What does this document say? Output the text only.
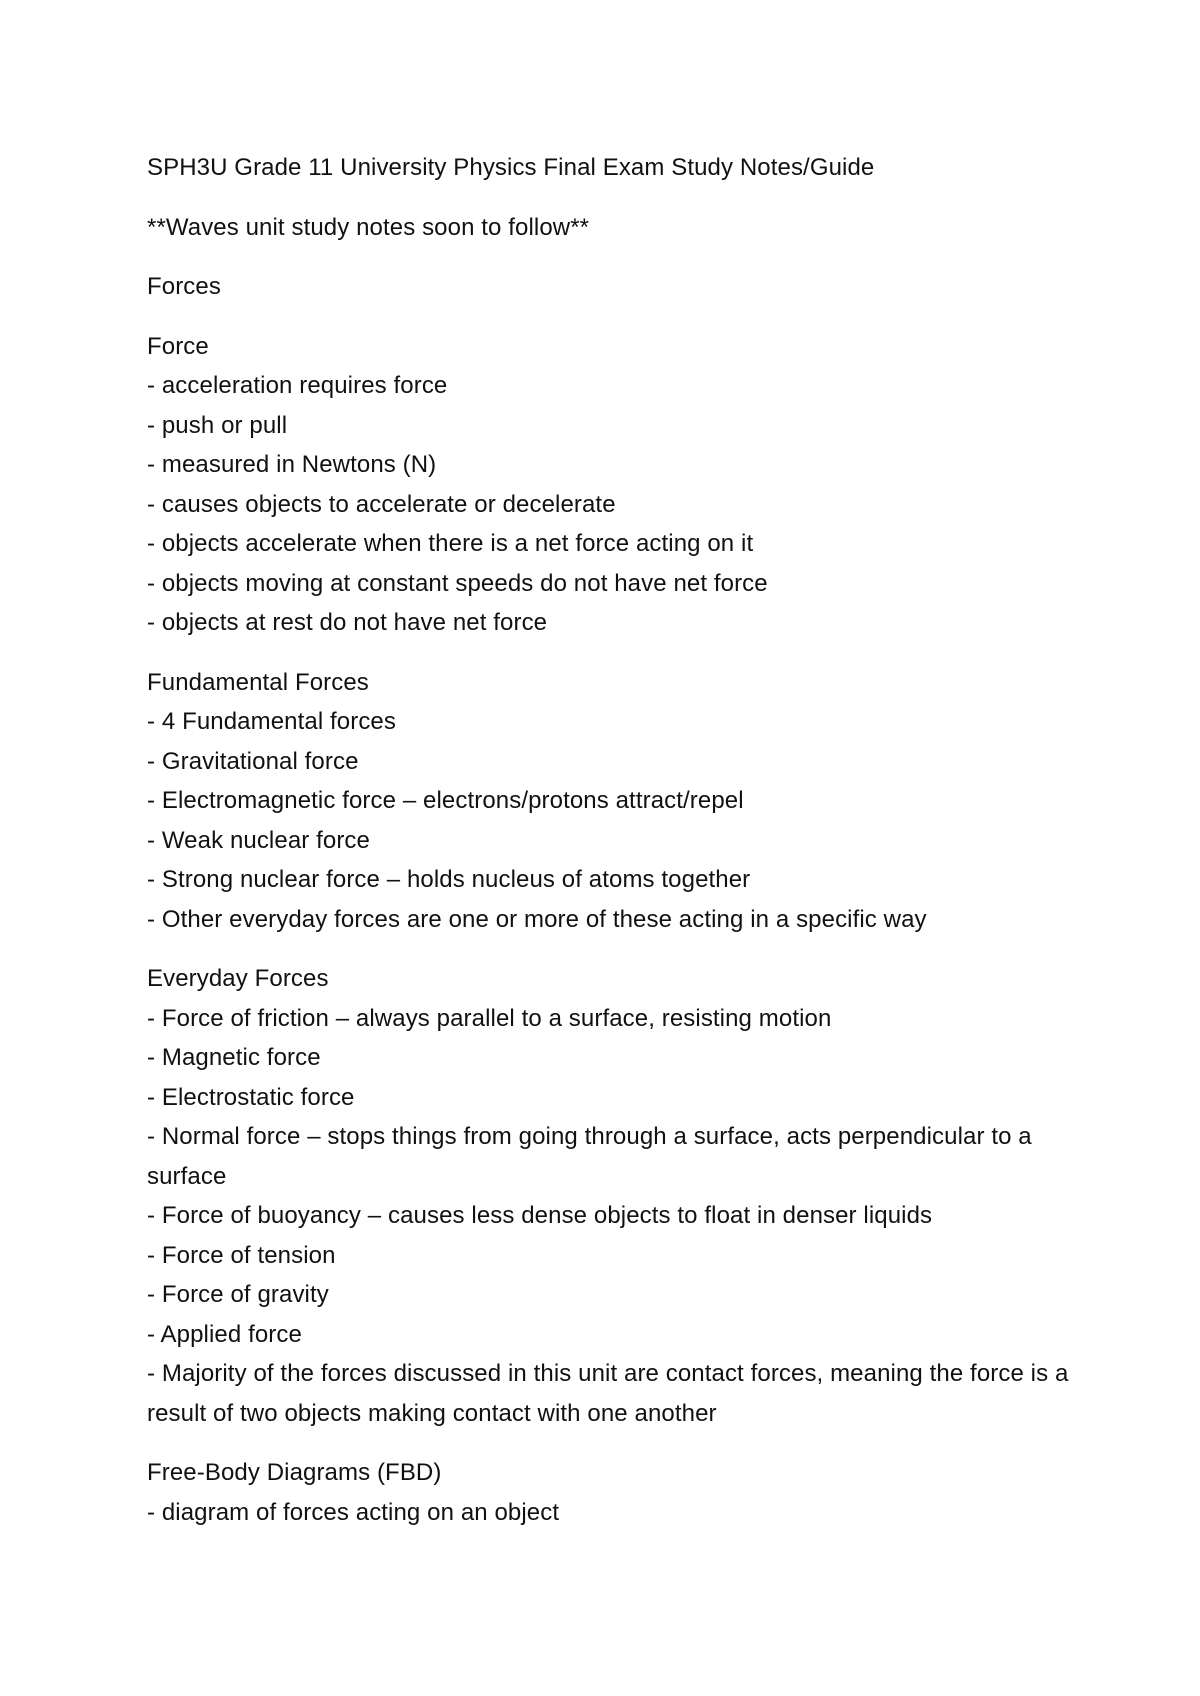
SPH3U Grade 11 University Physics Final Exam Study Notes/Guide

**Waves unit study notes soon to follow**

Forces

Force
- acceleration requires force
- push or pull
- measured in Newtons (N)
- causes objects to accelerate or decelerate
- objects accelerate when there is a net force acting on it
- objects moving at constant speeds do not have net force
- objects at rest do not have net force
Fundamental Forces
- 4 Fundamental forces
- Gravitational force
- Electromagnetic force – electrons/protons attract/repel
- Weak nuclear force
- Strong nuclear force – holds nucleus of atoms together
- Other everyday forces are one or more of these acting in a specific way
Everyday Forces
- Force of friction – always parallel to a surface, resisting motion
- Magnetic force
- Electrostatic force
- Normal force – stops things from going through a surface, acts perpendicular to a surface
- Force of buoyancy – causes less dense objects to float in denser liquids
- Force of tension
- Force of gravity
- Applied force
- Majority of the forces discussed in this unit are contact forces, meaning the force is a result of two objects making contact with one another
Free-Body Diagrams (FBD)
- diagram of forces acting on an object
